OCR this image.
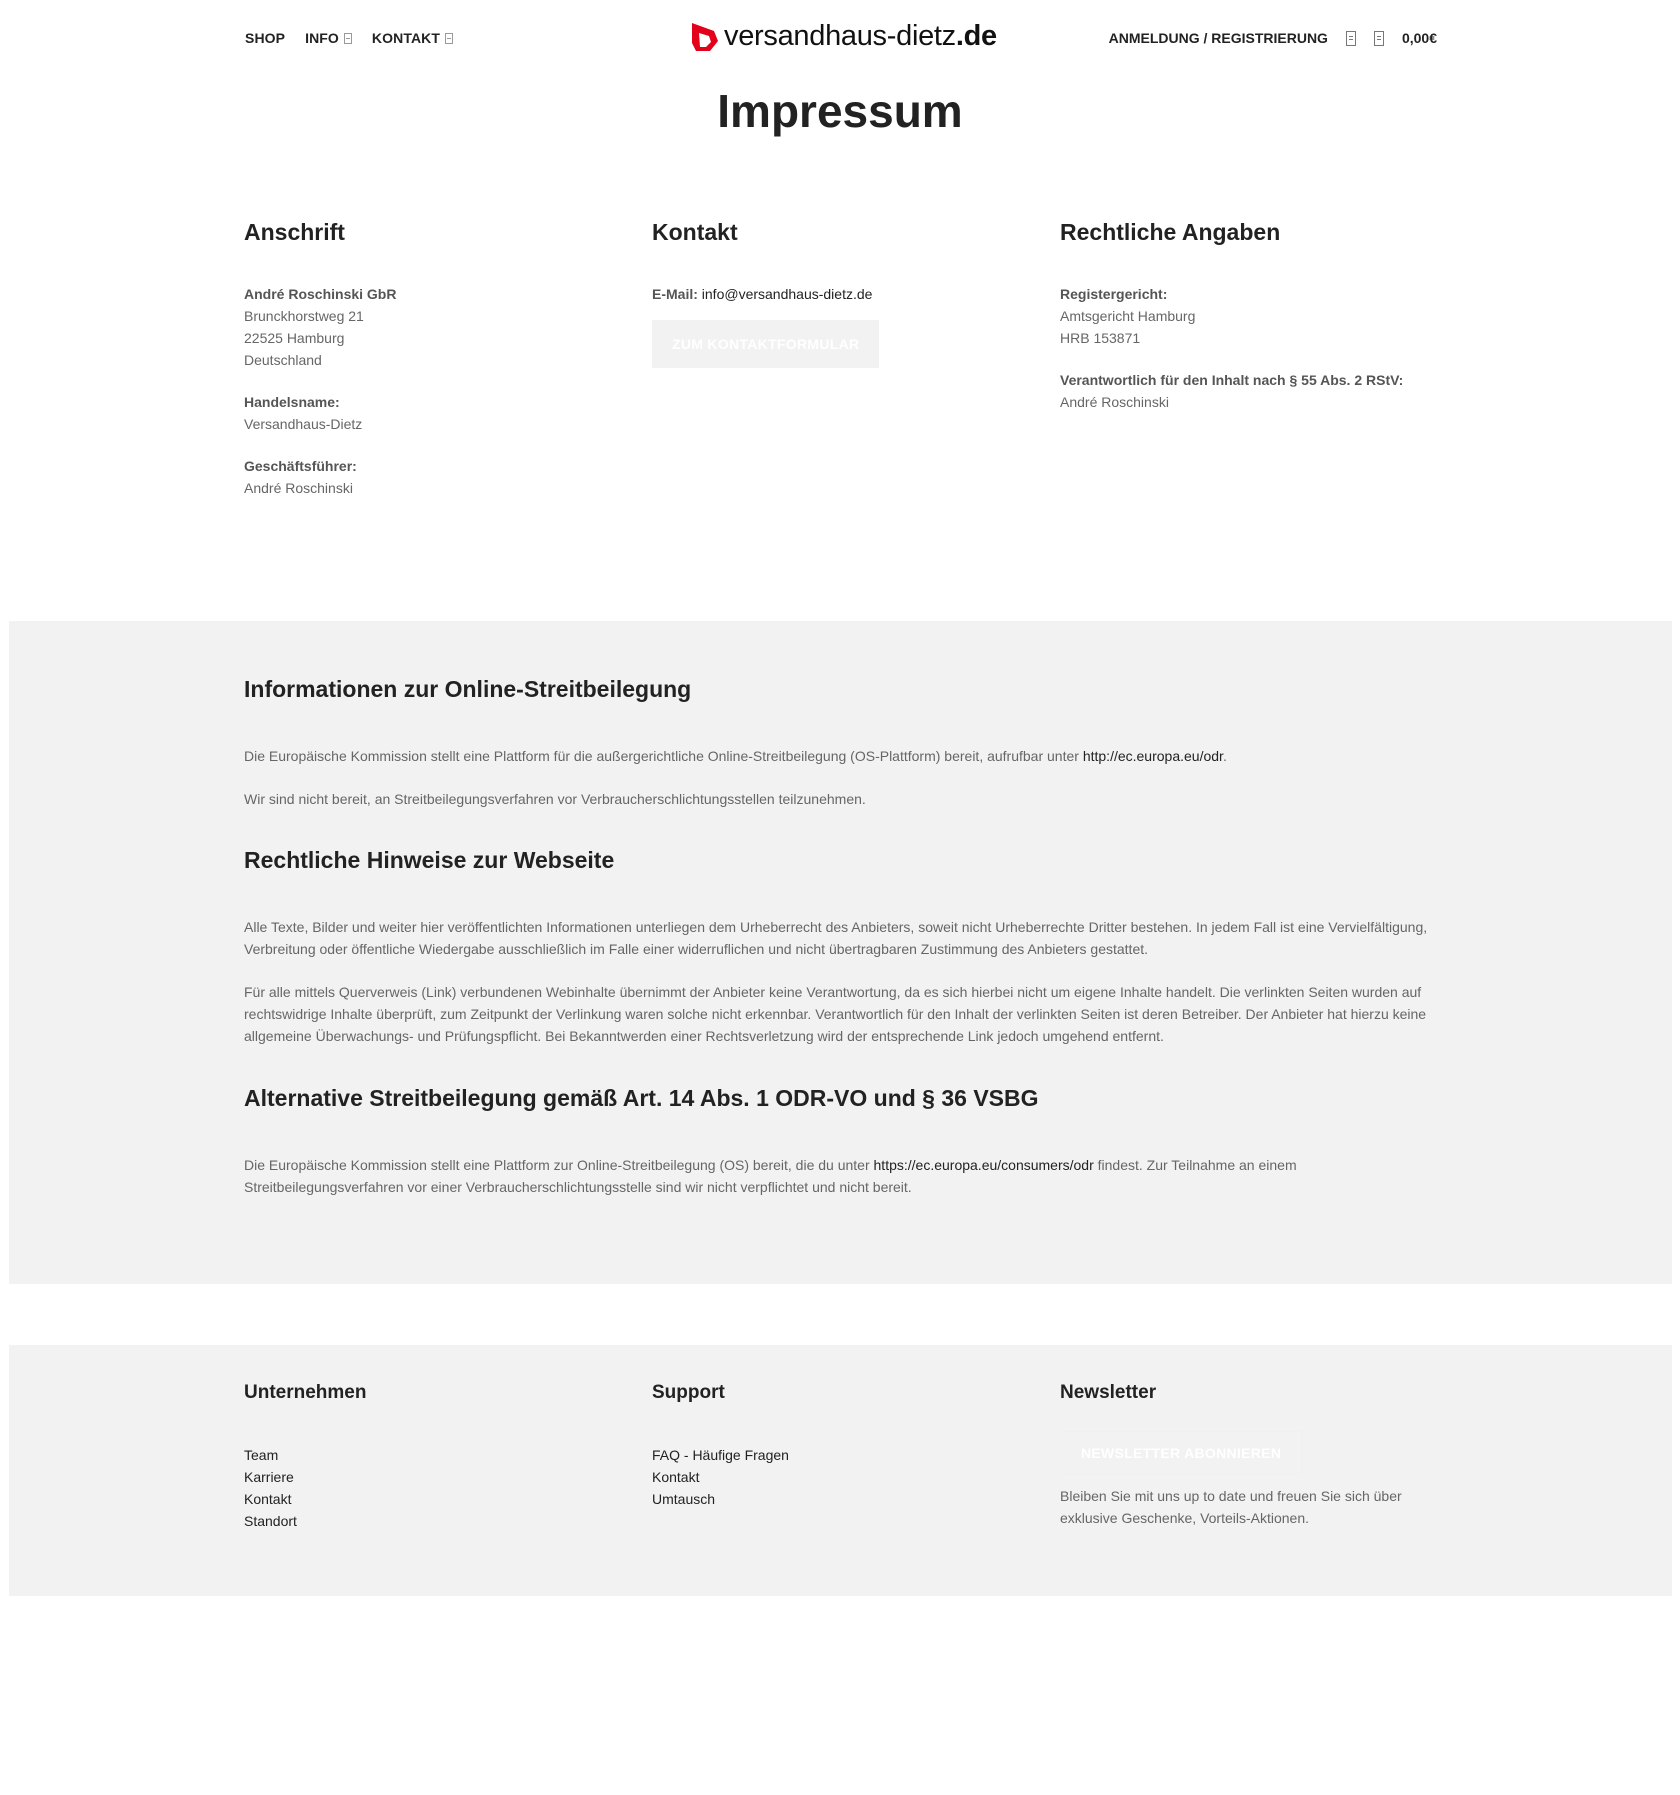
SHOP INFO KONTAKT	versandhaus-dietz.de	ANMELDUNG / REGISTRIERUNG	0,00€
Impressum
Anschrift

André Roschinski GbR
Brunckhorstweg 21
22525 Hamburg
Deutschland

Handelsname:
Versandhaus-Dietz

Geschäftsführer:
André Roschinski

Kontakt
E-Mail: info@versandhaus-dietz.de
ZUM KONTAKTFORMULAR
Rechtliche Angaben

Registergericht:
Amtsgericht Hamburg
HRB 153871

Verantwortlich für den Inhalt nach § 55 Abs. 2 RStV:
André Roschinski

Informationen zur Online-Streitbeilegung

Die Europäische Kommission stellt eine Plattform für die außergerichtliche Online-Streitbeilegung (OS-Plattform) bereit, aufrufbar unter http://ec.europa.eu/odr.

Wir sind nicht bereit, an Streitbeilegungsverfahren vor Verbraucherschlichtungsstellen teilzunehmen.

Rechtliche Hinweise zur Webseite

Alle Texte, Bilder und weiter hier veröffentlichten Informationen unterliegen dem Urheberrecht des Anbieters, soweit nicht Urheberrechte Dritter bestehen. In jedem Fall ist eine Vervielfältigung, Verbreitung oder öffentliche Wiedergabe ausschließlich im Falle einer widerruflichen und nicht übertragbaren Zustimmung des Anbieters gestattet.

Für alle mittels Querverweis (Link) verbundenen Webinhalte übernimmt der Anbieter keine Verantwortung, da es sich hierbei nicht um eigene Inhalte handelt. Die verlinkten Seiten wurden auf rechtswidrige Inhalte überprüft, zum Zeitpunkt der Verlinkung waren solche nicht erkennbar. Verantwortlich für den Inhalt der verlinkten Seiten ist deren Betreiber. Der Anbieter hat hierzu keine allgemeine Überwachungs- und Prüfungspflicht. Bei Bekanntwerden einer Rechtsverletzung wird der entsprechende Link jedoch umgehend entfernt.

Alternative Streitbeilegung gemäß Art. 14 Abs. 1 ODR-VO und § 36 VSBG

Die Europäische Kommission stellt eine Plattform zur Online-Streitbeilegung (OS) bereit, die du unter https://ec.europa.eu/consumers/odr findest. Zur Teilnahme an einem Streitbeilegungsverfahren vor einer Verbraucherschlichtungsstelle sind wir nicht verpflichtet und nicht bereit.

Unternehmen
Team
Karriere
Kontakt
Standort
Support
FAQ - Häufige Fragen
Kontakt
Umtausch
Newsletter
NEWSLETTER ABONNIEREN
Bleiben Sie mit uns up to date und freuen Sie sich über exklusive Geschenke, Vorteils-Aktionen.
